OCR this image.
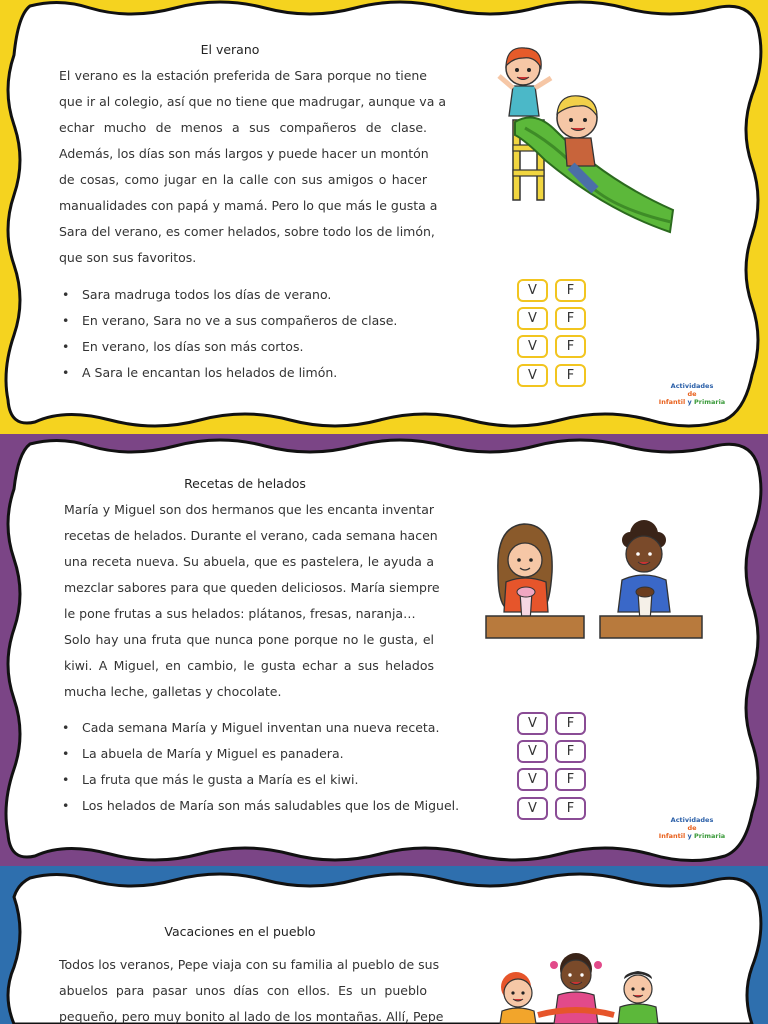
El verano
El verano es la estación preferida de Sara porque no tiene
que ir al colegio, así que no tiene que madrugar, aunque va a
echar mucho de menos a sus compañeros de clase.
Además, los días son más largos y puede hacer un montón
de cosas, como jugar en la calle con sus amigos o hacer
manualidades con papá y mamá. Pero lo que más le gusta a
Sara del verano, es comer helados, sobre todo los de limón,
que son sus favoritos.
• Sara madruga todos los días de verano.
• En verano, Sara no ve a sus compañeros de clase.
• En verano, los días son más cortos.
• A Sara le encantan los helados de limón.
V	F
V	F
V	F
V	F
Actividades
de
Infantil y Primaria
Recetas de helados
María y Miguel son dos hermanos que les encanta inventar
recetas de helados. Durante el verano, cada semana hacen
una receta nueva. Su abuela, que es pastelera, le ayuda a
mezclar sabores para que queden deliciosos. María siempre
le pone frutas a sus helados: plátanos, fresas, naranja…
Solo hay una fruta que nunca pone porque no le gusta, el
kiwi. A Miguel, en cambio, le gusta echar a sus helados
mucha leche, galletas y chocolate.
• Cada semana María y Miguel inventan una nueva receta.
• La abuela de María y Miguel es panadera.
• La fruta que más le gusta a María es el kiwi.
• Los helados de María son más saludables que los de Miguel.
V	F
V	F
V	F
V	F
Actividades
de
Infantil y Primaria
Vacaciones en el pueblo
Todos los veranos, Pepe viaja con su familia al pueblo de sus
abuelos para pasar unos días con ellos. Es un pueblo
pequeño, pero muy bonito al lado de los montañas. Allí, Pepe
